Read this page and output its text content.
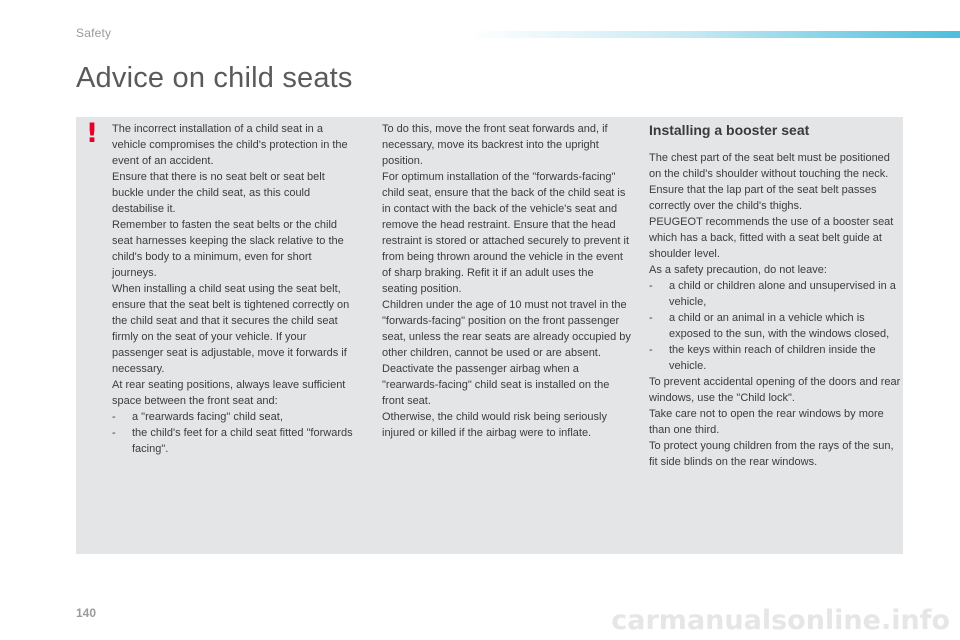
Safety
Advice on child seats
! The incorrect installation of a child seat in a vehicle compromises the child's protection in the event of an accident.

Ensure that there is no seat belt or seat belt buckle under the child seat, as this could destabilise it.

Remember to fasten the seat belts or the child seat harnesses keeping the slack relative to the child's body to a minimum, even for short journeys.

When installing a child seat using the seat belt, ensure that the seat belt is tightened correctly on the child seat and that it secures the child seat firmly on the seat of your vehicle. If your passenger seat is adjustable, move it forwards if necessary.

At rear seating positions, always leave sufficient space between the front seat and:

- a "rearwards facing" child seat,
- the child's feet for a child seat fitted "forwards facing".

To do this, move the front seat forwards and, if necessary, move its backrest into the upright position.

For optimum installation of the "forwards-facing" child seat, ensure that the back of the child seat is in contact with the back of the vehicle's seat and remove the head restraint. Ensure that the head restraint is stored or attached securely to prevent it from being thrown around the vehicle in the event of sharp braking. Refit it if an adult uses the seating position.

Children under the age of 10 must not travel in the "forwards-facing" position on the front passenger seat, unless the rear seats are already occupied by other children, cannot be used or are absent.

Deactivate the passenger airbag when a "rearwards-facing" child seat is installed on the front seat.

Otherwise, the child would risk being seriously injured or killed if the airbag were to inflate.

Installing a booster seat

The chest part of the seat belt must be positioned on the child's shoulder without touching the neck.

Ensure that the lap part of the seat belt passes correctly over the child's thighs.

PEUGEOT recommends the use of a booster seat which has a back, fitted with a seat belt guide at shoulder level.

As a safety precaution, do not leave:

- a child or children alone and unsupervised in a vehicle,
- a child or an animal in a vehicle which is exposed to the sun, with the windows closed,
- the keys within reach of children inside the vehicle.

To prevent accidental opening of the doors and rear windows, use the "Child lock".

Take care not to open the rear windows by more than one third.

To protect young children from the rays of the sun, fit side blinds on the rear windows.

140	carmanualsonline.info
